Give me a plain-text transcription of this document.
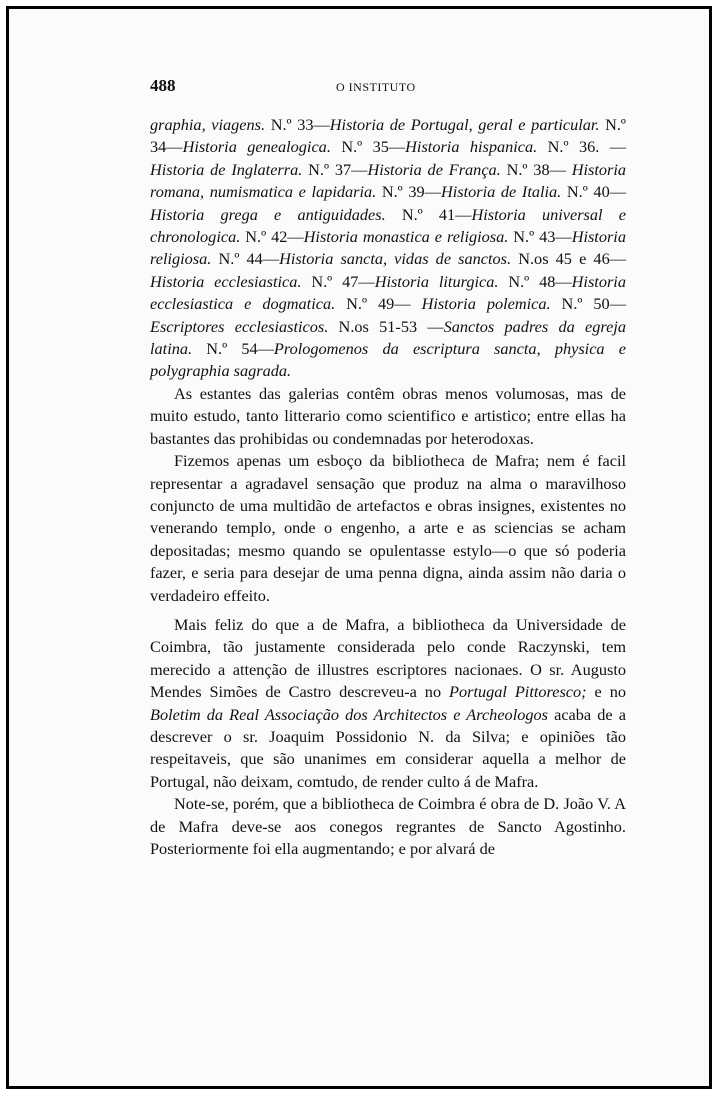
488	O INSTITUTO

graphia, viagens. N.º 33—Historia de Portugal, geral e particular. N.º 34—Historia genealogica. N.º 35—Historia hispanica. N.º 36. —Historia de Inglaterra. N.º 37—Historia de França. N.º 38— Historia romana, numismatica e lapidaria. N.º 39—Historia de Italia. N.º 40—Historia grega e antiguidades. N.º 41—Historia universal e chronologica. N.º 42—Historia monastica e religiosa. N.º 43—Historia religiosa. N.º 44—Historia sancta, vidas de sanctos. N.os 45 e 46—Historia ecclesiastica. N.º 47—Historia liturgica. N.º 48—Historia ecclesiastica e dogmatica. N.º 49— Historia polemica. N.º 50—Escriptores ecclesiasticos. N.os 51-53 —Sanctos padres da egreja latina. N.º 54—Prologomenos da escriptura sancta, physica e polygraphia sagrada.

As estantes das galerias contêm obras menos volumosas, mas de muito estudo, tanto litterario como scientifico e artistico; entre ellas ha bastantes das prohibidas ou condemnadas por heterodoxas.

Fizemos apenas um esboço da bibliotheca de Mafra; nem é facil representar a agradavel sensação que produz na alma o maravilhoso conjuncto de uma multidão de artefactos e obras insignes, existentes no venerando templo, onde o engenho, a arte e as sciencias se acham depositadas; mesmo quando se opulentasse estylo—o que só poderia fazer, e seria para desejar de uma penna digna, ainda assim não daria o verdadeiro effeito.

Mais feliz do que a de Mafra, a bibliotheca da Universidade de Coimbra, tão justamente considerada pelo conde Raczynski, tem merecido a attenção de illustres escriptores nacionaes. O sr. Augusto Mendes Simões de Castro descreveu-a no Portugal Pittoresco; e no Boletim da Real Associação dos Architectos e Archeologos acaba de a descrever o sr. Joaquim Possidonio N. da Silva; e opiniões tão respeitaveis, que são unanimes em considerar aquella a melhor de Portugal, não deixam, comtudo, de render culto á de Mafra.

Note-se, porém, que a bibliotheca de Coimbra é obra de D. João V. A de Mafra deve-se aos conegos regrantes de Sancto Agostinho. Posteriormente foi ella augmentando; e por alvará de
